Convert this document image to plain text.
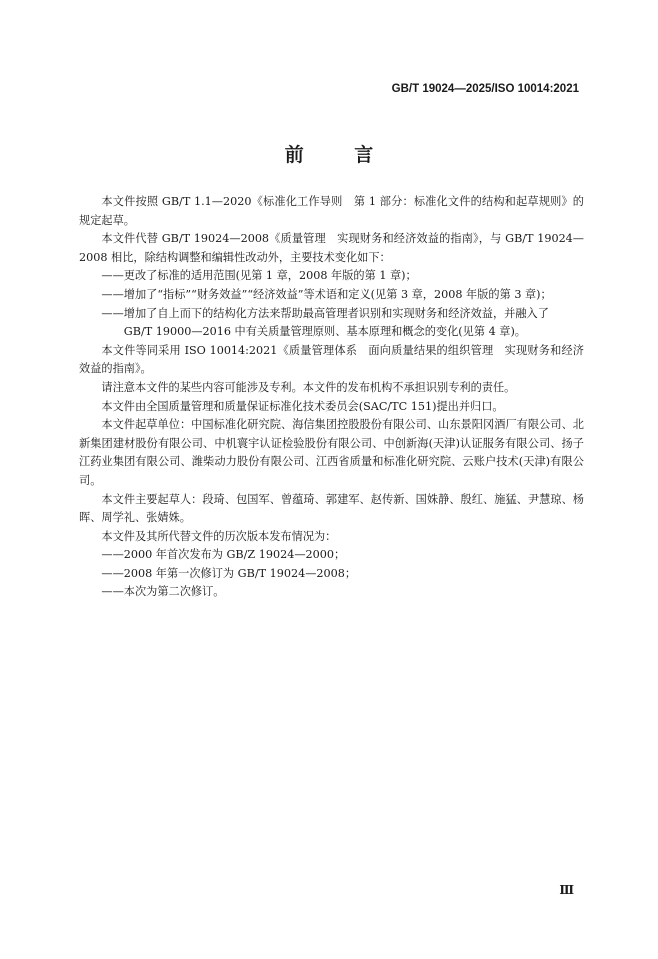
GB/T 19024—2025/ISO 10014:2021
前 言

本文件按照 GB/T 1.1—2020《标准化工作导则　第 1 部分：标准化文件的结构和起草规则》的规定起草。

本文件代替 GB/T 19024—2008《质量管理　实现财务和经济效益的指南》，与 GB/T 19024—2008 相比，除结构调整和编辑性改动外，主要技术变化如下：

——更改了标准的适用范围(见第 1 章，2008 年版的第 1 章)；

——增加了“指标”“财务效益”“经济效益”等术语和定义(见第 3 章，2008 年版的第 3 章)；

——增加了自上而下的结构化方法来帮助最高管理者识别和实现财务和经济效益，并融入了
GB/T 19000—2016 中有关质量管理原则、基本原理和概念的变化(见第 4 章)。

本文件等同采用 ISO 10014:2021《质量管理体系　面向质量结果的组织管理　实现财务和经济效益的指南》。

请注意本文件的某些内容可能涉及专利。本文件的发布机构不承担识别专利的责任。

本文件由全国质量管理和质量保证标准化技术委员会(SAC/TC 151)提出并归口。

本文件起草单位：中国标准化研究院、海信集团控股股份有限公司、山东景阳冈酒厂有限公司、北新集团建材股份有限公司、中机寰宇认证检验股份有限公司、中创新海(天津)认证服务有限公司、扬子江药业集团有限公司、潍柴动力股份有限公司、江西省质量和标准化研究院、云账户技术(天津)有限公司。

本文件主要起草人：段琦、包国军、曾蕴琦、郭建军、赵传新、国姝静、殷红、施猛、尹慧琼、杨晖、周学礼、张婧姝。

本文件及其所代替文件的历次版本发布情况为：

——2000 年首次发布为 GB/Z 19024—2000；

——2008 年第一次修订为 GB/T 19024—2008；

——本次为第二次修订。

Ⅲ
